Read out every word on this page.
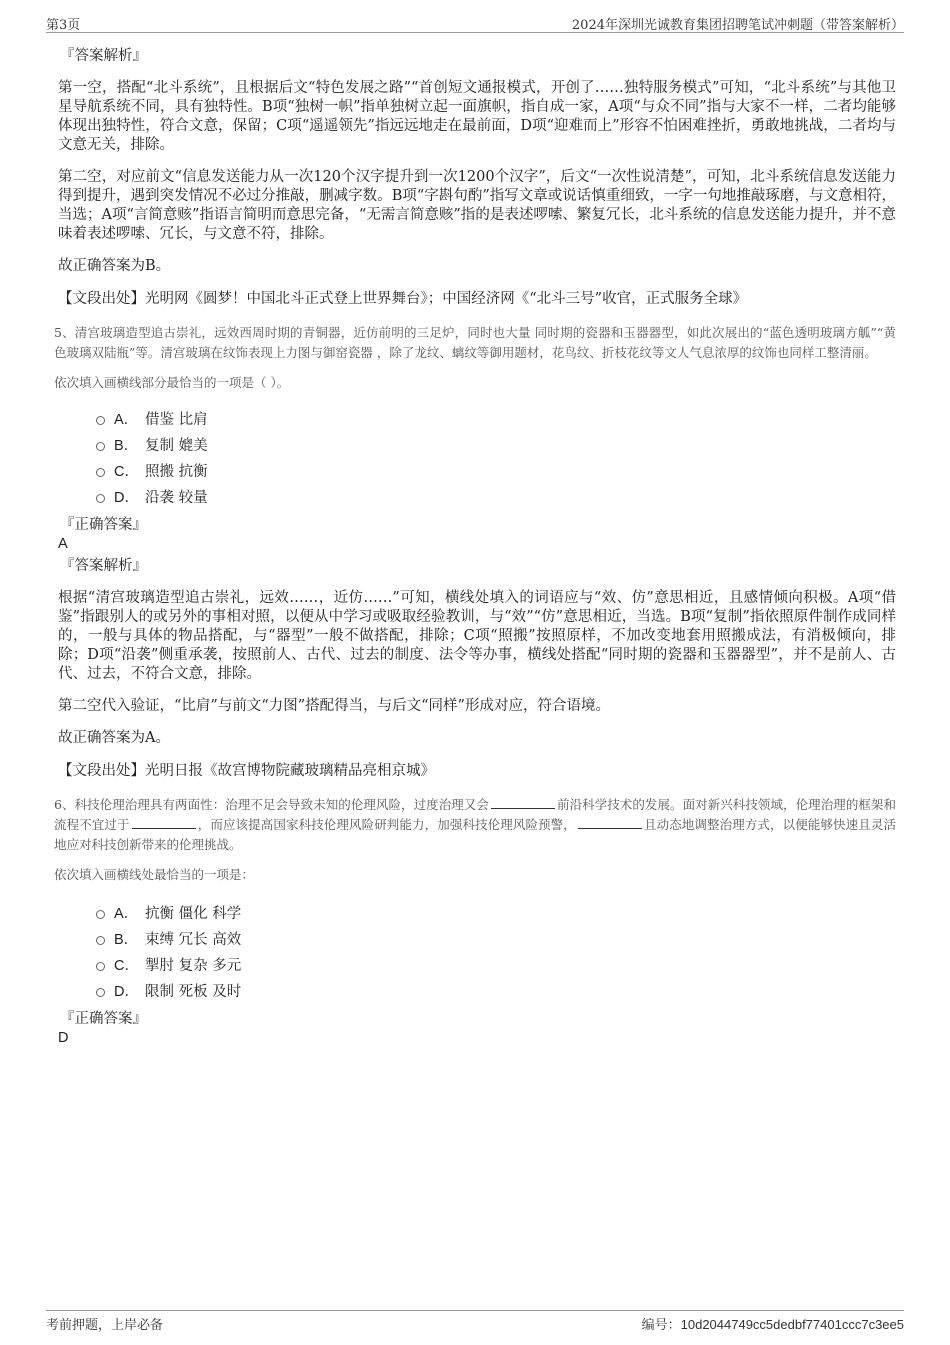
第3页	2024年深圳光诚教育集团招聘笔试冲刺题（带答案解析）

『答案解析』

第一空，搭配“北斗系统”，且根据后文“特色发展之路”“首创短文通报模式，开创了……独特服务模式”可知，“北斗系统”与其他卫星导航系统不同，具有独特性。B项“独树一帜”指单独树立起一面旗帜，指自成一家，A项“与众不同”指与大家不一样，二者均能够体现出独特性，符合文意，保留；C项“遥遥领先”指远远地走在最前面，D项“迎难而上”形容不怕困难挫折，勇敢地挑战，二者均与文意无关，排除。

第二空，对应前文“信息发送能力从一次120个汉字提升到一次1200个汉字”，后文“一次性说清楚”，可知，北斗系统信息发送能力得到提升，遇到突发情况不必过分推敲，删减字数。B项“字斟句酌”指写文章或说话慎重细致，一字一句地推敲琢磨，与文意相符，当选；A项“言简意赅”指语言简明而意思完备，“无需言简意赅”指的是表述啰嗦、繁复冗长，北斗系统的信息发送能力提升，并不意味着表述啰嗦、冗长，与文意不符，排除。

故正确答案为B。

【文段出处】光明网《圆梦！中国北斗正式登上世界舞台》；中国经济网《“北斗三号”收官，正式服务全球》

5、清宫玻璃造型追古崇礼，远效西周时期的青铜器，近仿前明的三足炉，同时也大量 同时期的瓷器和玉器器型，如此次展出的“蓝色透明玻璃方觚”“黄色玻璃双陆瓶”等。清宫玻璃在纹饰表现上力图与御窑瓷器 ，除了龙纹、螭纹等御用题材，花鸟纹、折枝花纹等文人气息浓厚的纹饰也同样工整清丽。

依次填入画横线部分最恰当的一项是（ ）。

A． 借鉴 比肩
B． 复制 媲美
C． 照搬 抗衡
D． 沿袭 较量

『正确答案』

A

『答案解析』

根据“清宫玻璃造型追古崇礼，远效……，近仿……”可知，横线处填入的词语应与“效、仿”意思相近，且感情倾向积极。A项“借鉴”指跟别人的或另外的事相对照，以便从中学习或吸取经验教训，与“效”“仿”意思相近，当选。B项“复制”指依照原件制作成同样的，一般与具体的物品搭配，与“器型”一般不做搭配，排除；C项“照搬”按照原样，不加改变地套用照搬成法，有消极倾向，排除；D项“沿袭”侧重承袭，按照前人、古代、过去的制度、法令等办事，横线处搭配“同时期的瓷器和玉器器型”，并不是前人、古代、过去，不符合文意，排除。

第二空代入验证，“比肩”与前文“力图”搭配得当，与后文“同样”形成对应，符合语境。

故正确答案为A。

【文段出处】光明日报《故宫博物院藏玻璃精品亮相京城》

6、科技伦理治理具有两面性：治理不足会导致未知的伦理风险，过度治理又会	前沿科学技术的发展。面对新兴科技领域，伦理治理的框架和流程不宜过于	，而应该提高国家科技伦理风险研判能力，加强科技伦理风险预警，	且动态地调整治理方式，以便能够快速且灵活地应对科技创新带来的伦理挑战。

依次填入画横线处最恰当的一项是：

A． 抗衡 僵化 科学
B． 束缚 冗长 高效
C． 掣肘 复杂 多元
D． 限制 死板 及时

『正确答案』

D

考前押题，上岸必备	编号：10d2044749cc5dedbf77401ccc7c3ee5
